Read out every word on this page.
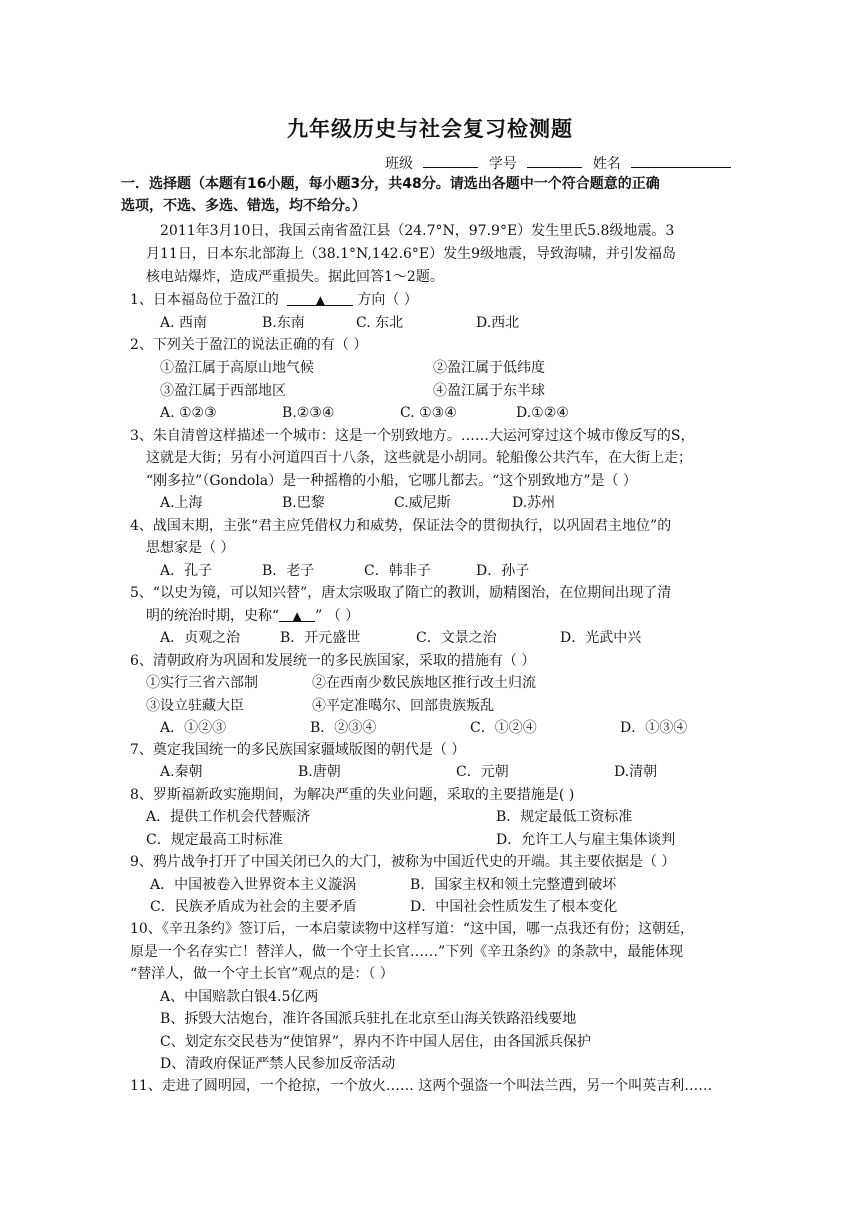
九年级历史与社会复习检测题
班级	学号	姓名
一．选择题（本题有16小题，每小题3分，共48分。请选出各题中一个符合题意的正确
选项，不选、多选、错选，均不给分。）
2011年3月10日，我国云南省盈江县（24.7°N，97.9°E）发生里氏5.8级地震。3
月11日，日本东北部海上（38.1°N,142.6°E）发生9级地震，导致海啸，并引发福岛
核电站爆炸，造成严重损失。据此回答1～2题。
1、日本福岛位于盈江的	▲ 方向（ ）
A. 西南	B.东南	C. 东北	D.西北
2、下列关于盈江的说法正确的有（ ）
①盈江属于高原山地气候	②盈江属于低纬度
③盈江属于西部地区	④盈江属于东半球
A. ①②③	B.②③④	C. ①③④	D.①②④
3、朱自清曾这样描述一个城市：这是一个别致地方。……大运河穿过这个城市像反写的S，
这就是大街；另有小河道四百十八条，这些就是小胡同。轮船像公共汽车，在大街上走；
“刚多拉”（Gondola）是一种摇橹的小船，它哪儿都去。“这个别致地方”是（ ）
A.上海	B.巴黎	C.威尼斯	D.苏州
4、战国末期，主张“君主应凭借权力和威势，保证法令的贯彻执行，以巩固君主地位”的
思想家是（ ）
A．孔子	B．老子	C．韩非子	D．孙子
5、“以史为镜，可以知兴替”，唐太宗吸取了隋亡的教训，励精图治，在位期间出现了清
明的统治时期，史称“ ▲ ” （ ）
A．贞观之治	B．开元盛世	C．文景之治	D．光武中兴
6、清朝政府为巩固和发展统一的多民族国家，采取的措施有（ ）
①实行三省六部制	②在西南少数民族地区推行改土归流
③设立驻藏大臣	④平定准噶尔、回部贵族叛乱
A．①②③	B．②③④	C．①②④	D．①③④
7、奠定我国统一的多民族国家疆域版图的朝代是（ ）
A.秦朝	B.唐朝	C．元朝	D.清朝
8、罗斯福新政实施期间，为解决严重的失业问题，采取的主要措施是( )
A．提供工作机会代替赈济	B．规定最低工资标准
C．规定最高工时标准	D．允许工人与雇主集体谈判
9、鸦片战争打开了中国关闭已久的大门，被称为中国近代史的开端。其主要依据是（ ）
A．中国被卷入世界资本主义漩涡	B．国家主权和领土完整遭到破坏
C．民族矛盾成为社会的主要矛盾	D．中国社会性质发生了根本变化
10、《辛丑条约》签订后，一本启蒙读物中这样写道：“这中国，哪一点我还有份；这朝廷，
原是一个名存实亡！替洋人，做一个守土长官……”下列《辛丑条约》的条款中，最能体现
“替洋人，做一个守土长官”观点的是：（ ）
A、中国赔款白银4.5亿两
B、拆毁大沽炮台，准许各国派兵驻扎在北京至山海关铁路沿线要地
C、划定东交民巷为“使馆界”，界内不许中国人居住，由各国派兵保护
D、清政府保证严禁人民参加反帝活动
11、走进了圆明园，一个抢掠，一个放火…… 这两个强盗一个叫法兰西，另一个叫英吉利……
